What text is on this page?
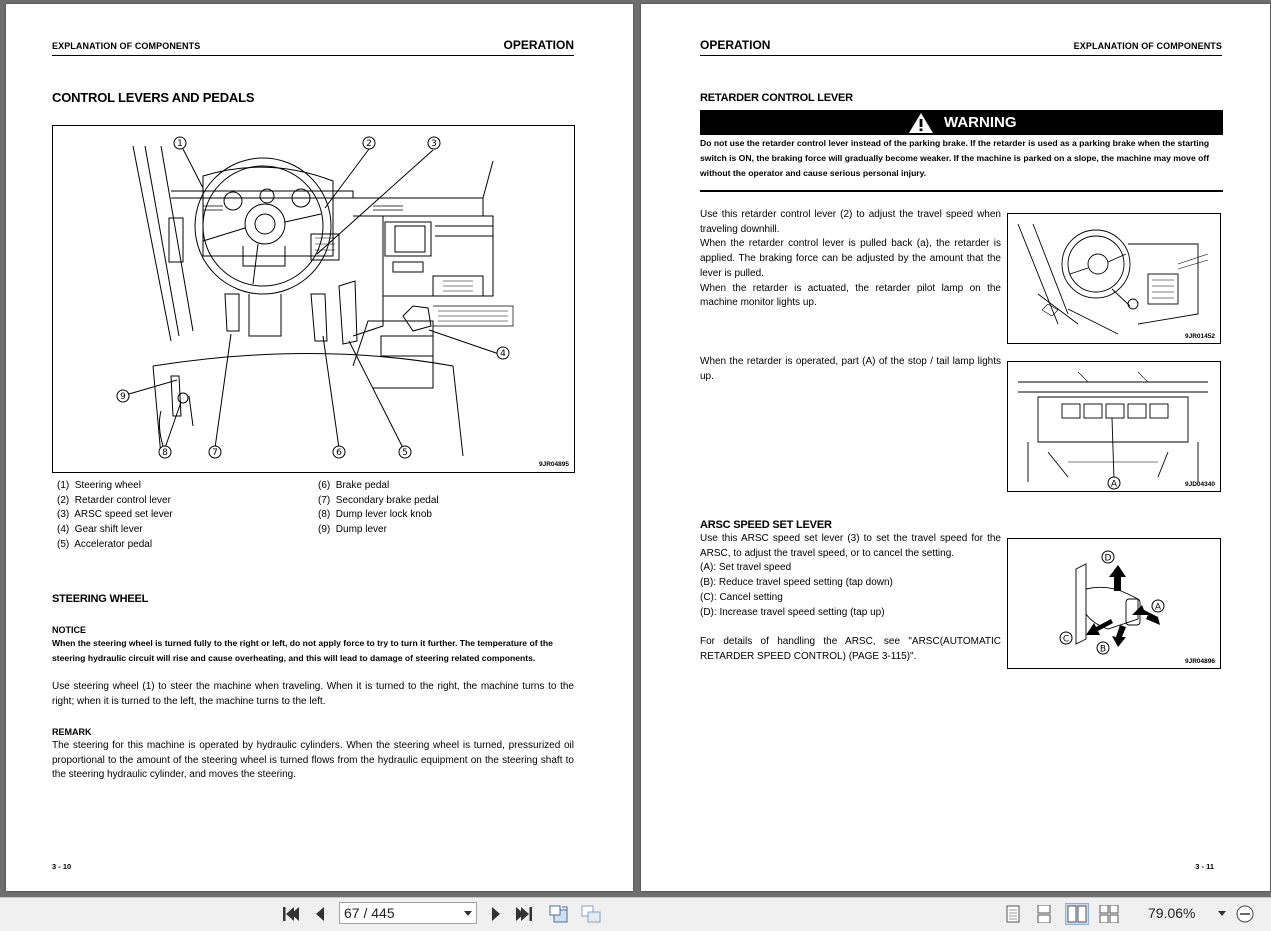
EXPLANATION OF COMPONENTS	OPERATION
CONTROL LEVERS AND PEDALS
1	2	3
4
5
6
7
8
9
9JR04895
(1) Steering wheel
(2) Retarder control lever
(3) ARSC speed set lever
(4) Gear shift lever
(5) Accelerator pedal
(6) Brake pedal
(7) Secondary brake pedal
(8) Dump lever lock knob
(9) Dump lever
STEERING WHEEL
NOTICE
When the steering wheel is turned fully to the right or left, do not apply force to try to turn it further. The temperature of the steering hydraulic circuit will rise and cause overheating, and this will lead to damage of steering related components.
Use steering wheel (1) to steer the machine when traveling. When it is turned to the right, the machine turns to the right; when it is turned to the left, the machine turns to the left.
REMARK
The steering for this machine is operated by hydraulic cylinders. When the steering wheel is turned, pressurized oil proportional to the amount of the steering wheel is turned flows from the hydraulic equipment on the steering shaft to the steering hydraulic cylinder, and moves the steering.
3 - 10
OPERATION	EXPLANATION OF COMPONENTS
RETARDER CONTROL LEVER
WARNING
Do not use the retarder control lever instead of the parking brake. If the retarder is used as a parking brake when the starting switch is ON, the braking force will gradually become weaker. If the machine is parked on a slope, the machine may move off without the operator and cause serious personal injury.
Use this retarder control lever (2) to adjust the travel speed when traveling downhill.
When the retarder control lever is pulled back (a), the retarder is applied. The braking force can be adjusted by the amount that the lever is pulled.
When the retarder is actuated, the retarder pilot lamp on the machine monitor lights up.
9JR01452
When the retarder is operated, part (A) of the stop / tail lamp lights up.
A	9JD04340
ARSC SPEED SET LEVER
Use this ARSC speed set lever (3) to set the travel speed for the ARSC, to adjust the travel speed, or to cancel the setting.
(A): Set travel speed
(B): Reduce travel speed setting (tap down)
(C): Cancel setting
(D): Increase travel speed setting (tap up)
For details of handling the ARSC, see "ARSC(AUTOMATIC RETARDER SPEED CONTROL) (PAGE 3-115)".
D
A
C
B
9JR04896
3 - 11
67 / 445	79.06%
